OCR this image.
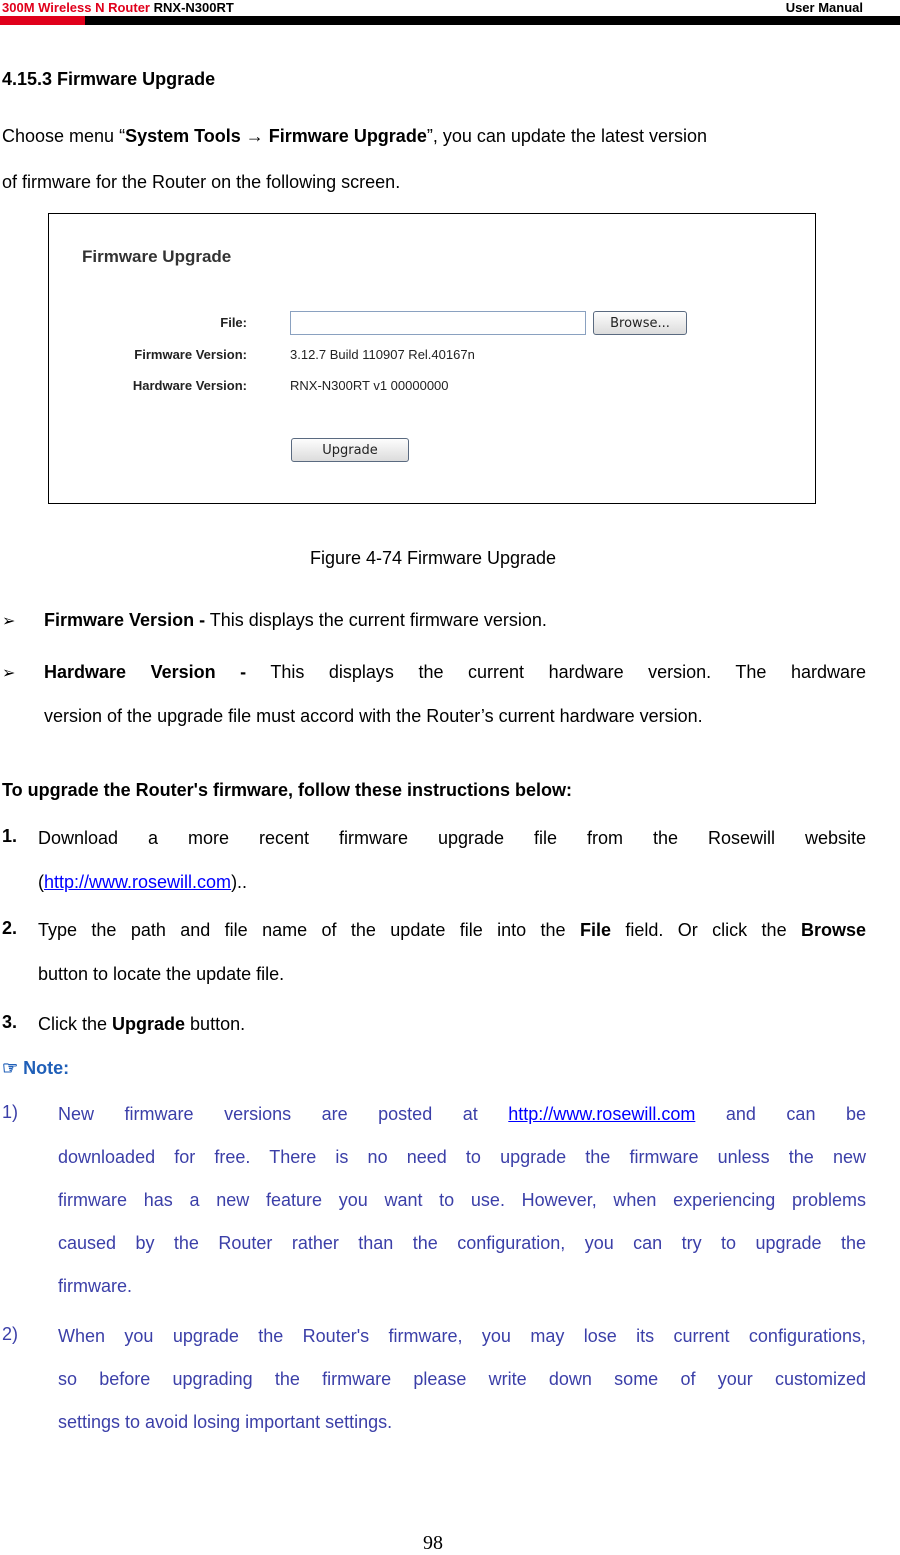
300M Wireless N Router RNX-N300RT	User Manual
4.15.3 Firmware Upgrade
Choose menu “System Tools → Firmware Upgrade”, you can update the latest version
of firmware for the Router on the following screen.
Firmware Upgrade
File:	Browse...
Firmware Version:	3.12.7 Build 110907 Rel.40167n
Hardware Version:	RNX-N300RT v1 00000000
Upgrade
Figure 4-74 Firmware Upgrade
➢ Firmware Version - This displays the current firmware version.
➢ Hardware Version - This displays the current hardware version. The hardware
version of the upgrade file must accord with the Router’s current hardware version.
To upgrade the Router's firmware, follow these instructions below:
1. Download a more recent firmware upgrade file from the Rosewill website
(http://www.rosewill.com)..
2. Type the path and file name of the update file into the File field. Or click the Browse
button to locate the update file.
3. Click the Upgrade button.
☞ Note:
1) New firmware versions are posted at http://www.rosewill.com and can be
downloaded for free. There is no need to upgrade the firmware unless the new
firmware has a new feature you want to use. However, when experiencing problems
caused by the Router rather than the configuration, you can try to upgrade the
firmware.
2) When you upgrade the Router's firmware, you may lose its current configurations,
so before upgrading the firmware please write down some of your customized
settings to avoid losing important settings.
98
